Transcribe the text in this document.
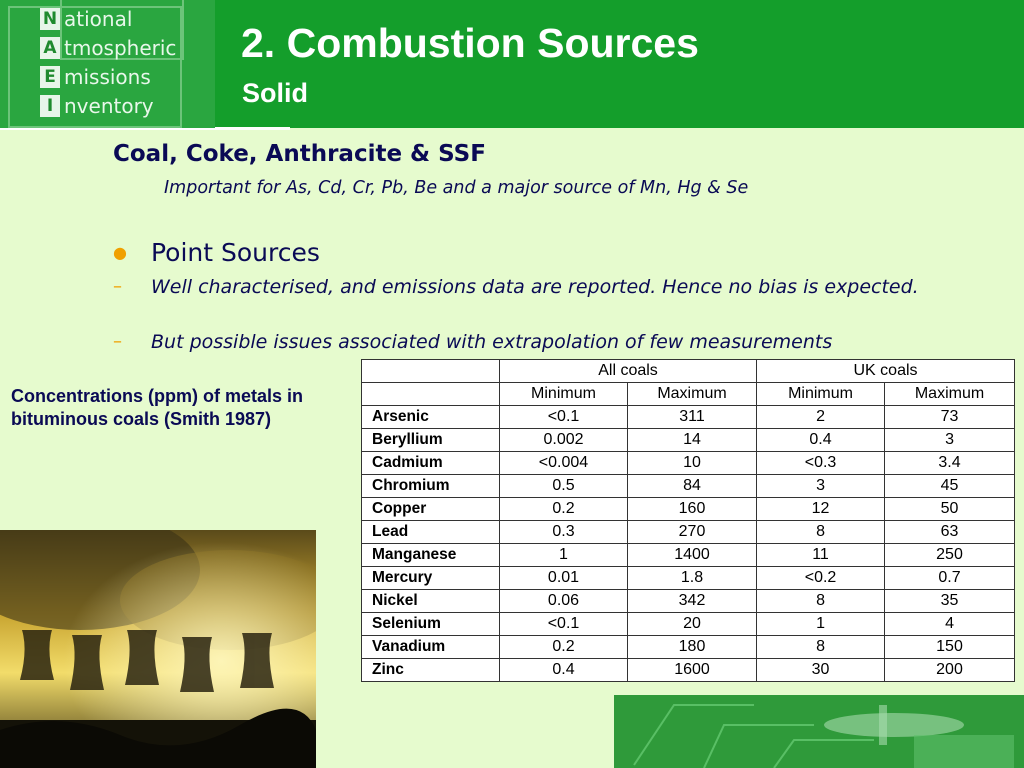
N ational
A tmospheric
E missions
I nventory
2. Combustion Sources
Solid
Coal, Coke, Anthracite & SSF
Important for As, Cd, Cr, Pb, Be and a major source of Mn, Hg & Se
● Point Sources
– Well characterised, and emissions data are reported. Hence no bias is expected.
– But possible issues associated with extrapolation of few measurements
Concentrations (ppm) of metals in bituminous coals (Smith 1987)
	All coals		UK coals	
	Minimum	Maximum	Minimum	Maximum
Arsenic	<0.1	311	2	73
Beryllium	0.002	14	0.4	3
Cadmium	<0.004	10	<0.3	3.4
Chromium	0.5	84	3	45
Copper	0.2	160	12	50
Lead	0.3	270	8	63
Manganese	1	1400	11	250
Mercury	0.01	1.8	<0.2	0.7
Nickel	0.06	342	8	35
Selenium	<0.1	20	1	4
Vanadium	0.2	180	8	150
Zinc	0.4	1600	30	200
